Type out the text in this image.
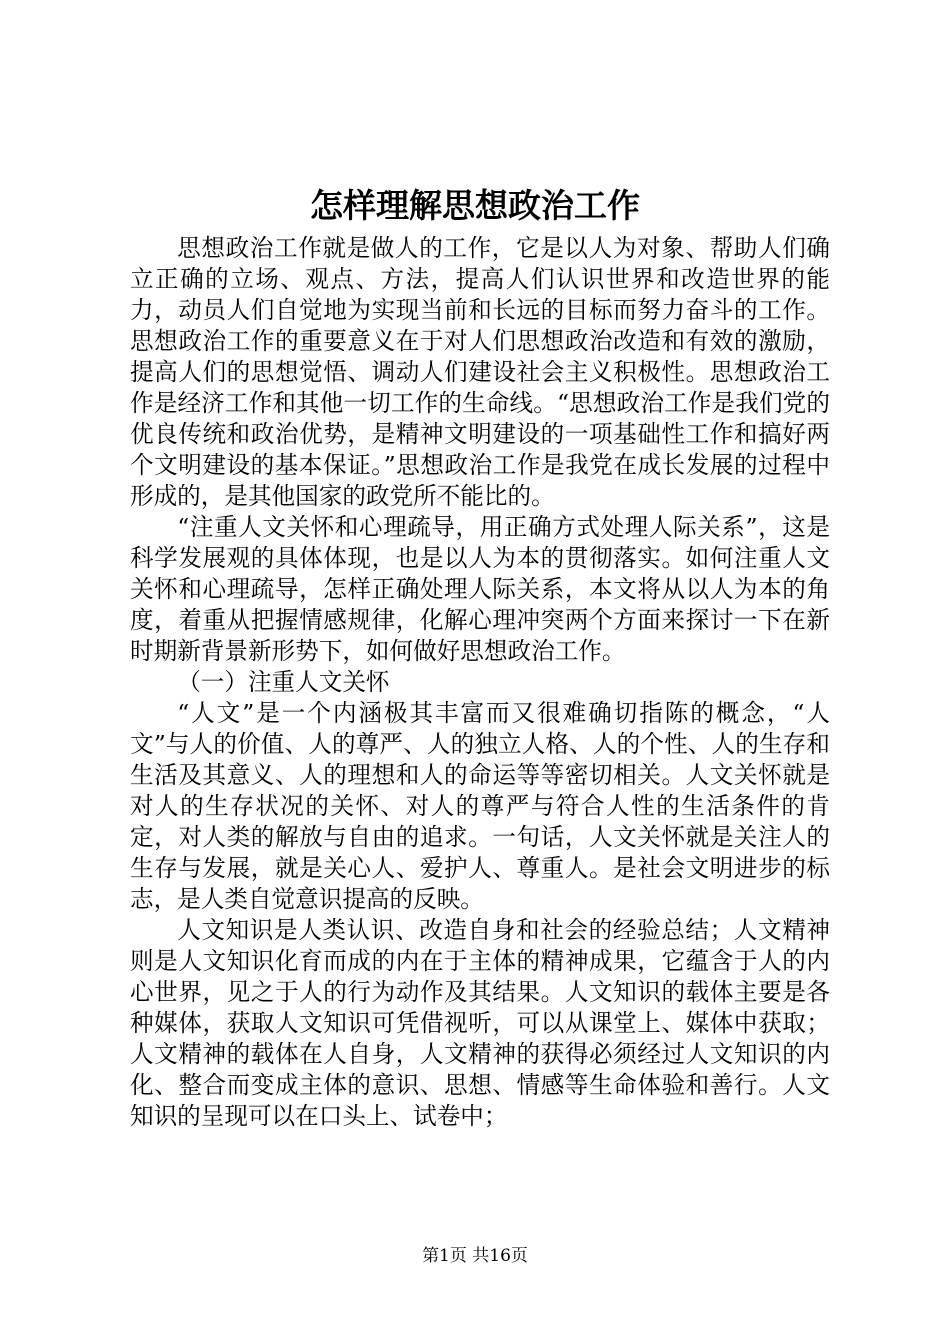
怎样理解思想政治工作

思想政治工作就是做人的工作，它是以人为对象、帮助人们确立正确的立场、观点、方法，提高人们认识世界和改造世界的能力，动员人们自觉地为实现当前和长远的目标而努力奋斗的工作。思想政治工作的重要意义在于对人们思想政治改造和有效的激励，提高人们的思想觉悟、调动人们建设社会主义积极性。思想政治工作是经济工作和其他一切工作的生命线。“思想政治工作是我们党的优良传统和政治优势，是精神文明建设的一项基础性工作和搞好两个文明建设的基本保证。”思想政治工作是我党在成长发展的过程中形成的，是其他国家的政党所不能比的。

“注重人文关怀和心理疏导，用正确方式处理人际关系”，这是科学发展观的具体体现，也是以人为本的贯彻落实。如何注重人文关怀和心理疏导，怎样正确处理人际关系，本文将从以人为本的角度，着重从把握情感规律，化解心理冲突两个方面来探讨一下在新时期新背景新形势下，如何做好思想政治工作。

（一）注重人文关怀

“人文”是一个内涵极其丰富而又很难确切指陈的概念，“人文”与人的价值、人的尊严、人的独立人格、人的个性、人的生存和生活及其意义、人的理想和人的命运等等密切相关。人文关怀就是对人的生存状况的关怀、对人的尊严与符合人性的生活条件的肯定，对人类的解放与自由的追求。一句话，人文关怀就是关注人的生存与发展，就是关心人、爱护人、尊重人。是社会文明进步的标志，是人类自觉意识提高的反映。

人文知识是人类认识、改造自身和社会的经验总结；人文精神则是人文知识化育而成的内在于主体的精神成果，它蕴含于人的内心世界，见之于人的行为动作及其结果。人文知识的载体主要是各种媒体，获取人文知识可凭借视听，可以从课堂上、媒体中获取；人文精神的载体在人自身，人文精神的获得必须经过人文知识的内化、整合而变成主体的意识、思想、情感等生命体验和善行。人文知识的呈现可以在口头上、试卷中；

第1页 共16页
